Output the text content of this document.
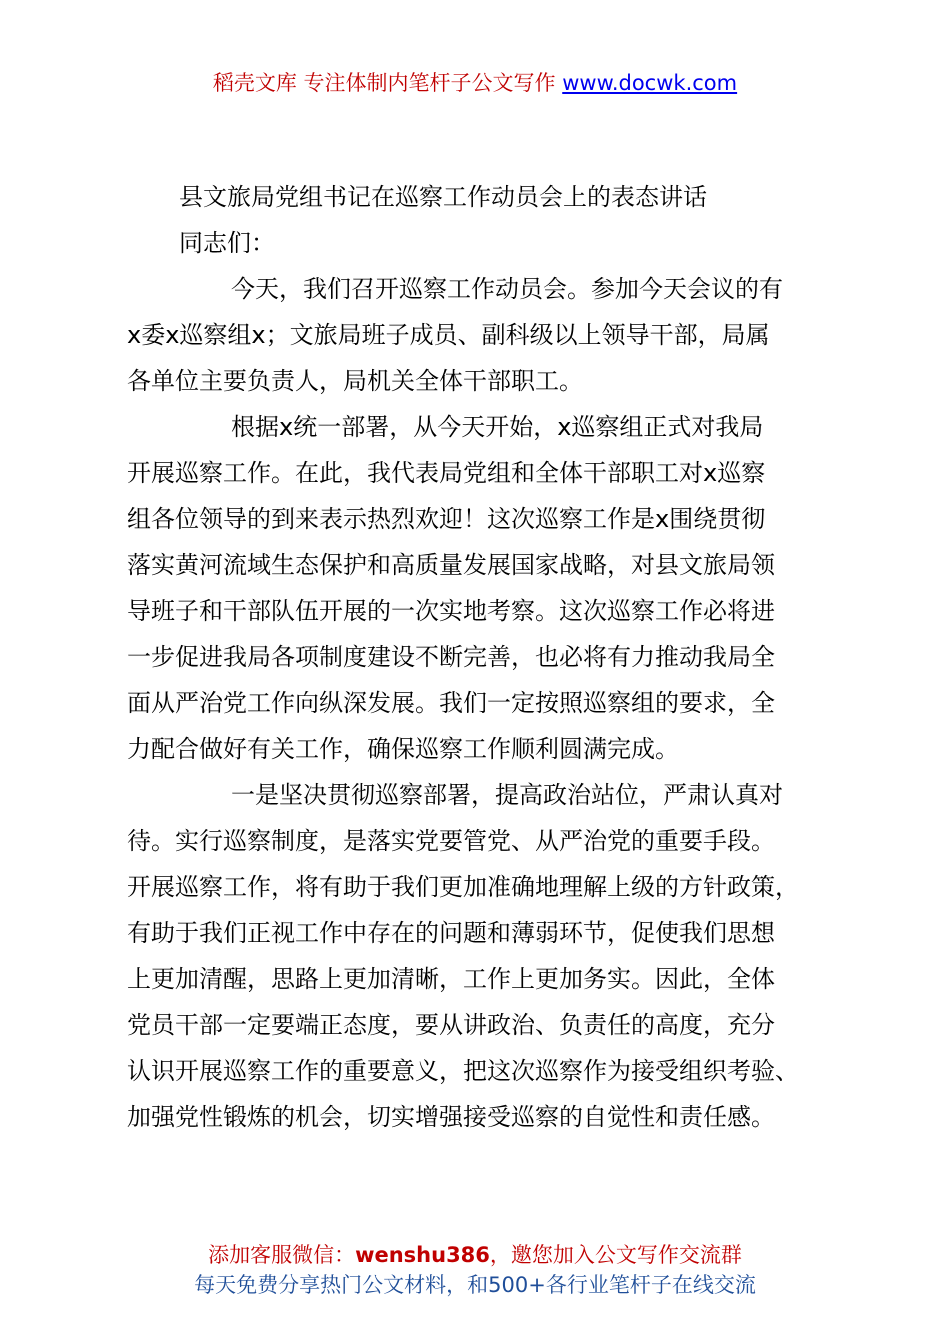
稻壳文库 专注体制内笔杆子公文写作 www.docwk.com
县文旅局党组书记在巡察工作动员会上的表态讲话
同志们：
今天，我们召开巡察工作动员会。参加今天会议的有
x委x巡察组x；文旅局班子成员、副科级以上领导干部，局属
各单位主要负责人，局机关全体干部职工。
根据x统一部署，从今天开始，x巡察组正式对我局
开展巡察工作。在此，我代表局党组和全体干部职工对x巡察
组各位领导的到来表示热烈欢迎！这次巡察工作是x围绕贯彻
落实黄河流域生态保护和高质量发展国家战略，对县文旅局领
导班子和干部队伍开展的一次实地考察。这次巡察工作必将进
一步促进我局各项制度建设不断完善，也必将有力推动我局全
面从严治党工作向纵深发展。我们一定按照巡察组的要求，全
力配合做好有关工作，确保巡察工作顺利圆满完成。
一是坚决贯彻巡察部署，提高政治站位，严肃认真对
待。实行巡察制度，是落实党要管党、从严治党的重要手段。
开展巡察工作，将有助于我们更加准确地理解上级的方针政策，
有助于我们正视工作中存在的问题和薄弱环节，促使我们思想
上更加清醒，思路上更加清晰，工作上更加务实。因此，全体
党员干部一定要端正态度，要从讲政治、负责任的高度，充分
认识开展巡察工作的重要意义，把这次巡察作为接受组织考验、
加强党性锻炼的机会，切实增强接受巡察的自觉性和责任感。
添加客服微信：wenshu386，邀您加入公文写作交流群
每天免费分享热门公文材料，和500+各行业笔杆子在线交流
